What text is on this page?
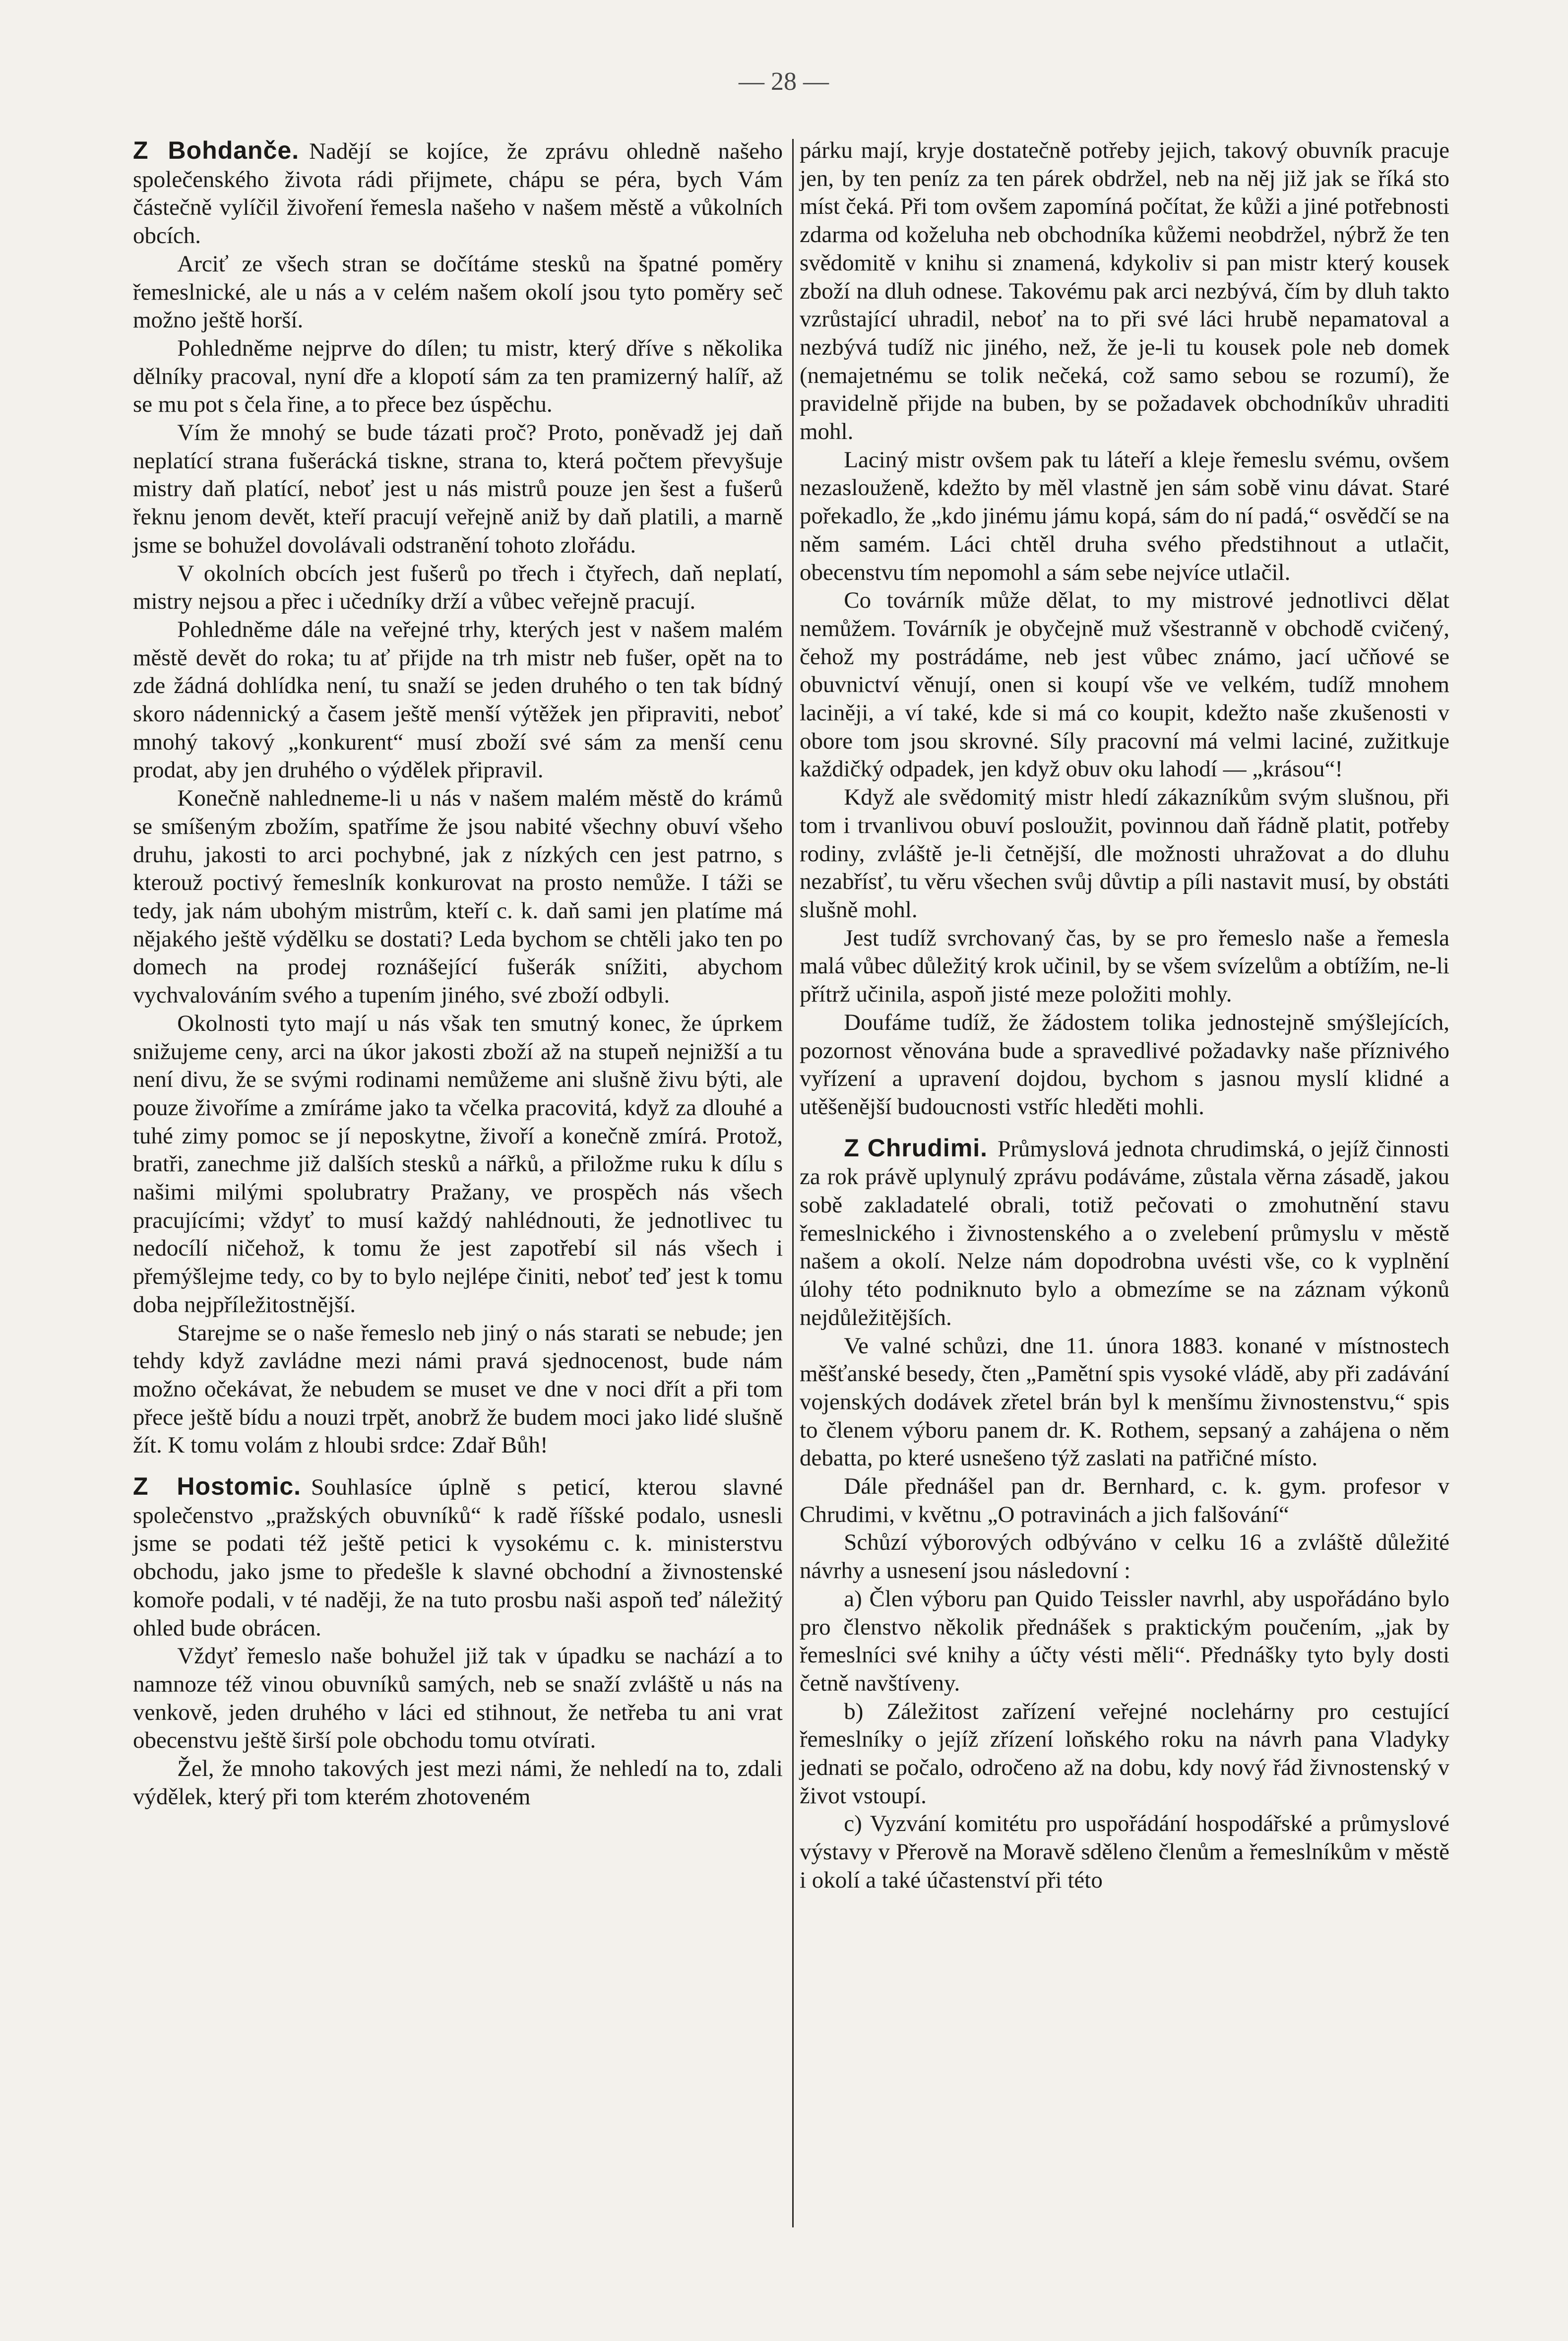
— 28 —

Z Bohdanče. Nadějí se kojíce, že zprávu ohledně našeho společenského života rádi přijmete, chápu se péra, bych Vám částečně vylíčil živoření řemesla našeho v našem městě a vůkolních obcích.

Arciť ze všech stran se dočítáme stesků na špatné poměry řemeslnické, ale u nás a v celém našem okolí jsou tyto poměry seč možno ještě horší.

Pohledněme nejprve do dílen; tu mistr, který dříve s několika dělníky pracoval, nyní dře a klopotí sám za ten pramizerný halíř, až se mu pot s čela řine, a to přece bez úspěchu.

Vím že mnohý se bude tázati proč? Proto, poněvadž jej daň neplatící strana fušerácká tiskne, strana to, která počtem převyšuje mistry daň platící, neboť jest u nás mistrů pouze jen šest a fušerů řeknu jenom devět, kteří pracují veřejně aniž by daň platili, a marně jsme se bohužel dovolávali odstranění tohoto zlořádu.

V okolních obcích jest fušerů po třech i čtyřech, daň neplatí, mistry nejsou a přec i učedníky drží a vůbec veřejně pracují.

Pohledněme dále na veřejné trhy, kterých jest v našem malém městě devět do roka; tu ať přijde na trh mistr neb fušer, opět na to zde žádná dohlídka není, tu snaží se jeden druhého o ten tak bídný skoro nádennický a časem ještě menší výtěžek jen připraviti, neboť mnohý takový „konkurent“ musí zboží své sám za menší cenu prodat, aby jen druhého o výdělek připravil.

Konečně nahledneme-li u nás v našem malém městě do krámů se smíšeným zbožím, spatříme že jsou nabité všechny obuví všeho druhu, jakosti to arci pochybné, jak z nízkých cen jest patrno, s kterouž poctivý řemeslník konkurovat na prosto nemůže. I táži se tedy, jak nám ubohým mistrům, kteří c. k. daň sami jen platíme má nějakého ještě výdělku se dostati? Leda bychom se chtěli jako ten po domech na prodej roznášející fušerák snížiti, abychom vychvalováním svého a tupením jiného, své zboží odbyli.

Okolnosti tyto mají u nás však ten smutný konec, že úprkem snižujeme ceny, arci na úkor jakosti zboží až na stupeň nejnižší a tu není divu, že se svými rodinami nemůžeme ani slušně živu býti, ale pouze živoříme a zmíráme jako ta včelka pracovitá, když za dlouhé a tuhé zimy pomoc se jí neposkytne, živoří a konečně zmírá. Protož, bratři, zanechme již dalších stesků a nářků, a přiložme ruku k dílu s našimi milými spolubratry Pražany, ve prospěch nás všech pracujícími; vždyť to musí každý nahlédnouti, že jednotlivec tu nedocílí ničehož, k tomu že jest zapotřebí sil nás všech i přemýšlejme tedy, co by to bylo nejlépe činiti, neboť teď jest k tomu doba nejpříležitostnější.

Starejme se o naše řemeslo neb jiný o nás starati se nebude; jen tehdy když zavládne mezi námi pravá sjednocenost, bude nám možno očekávat, že nebudem se muset ve dne v noci dřít a při tom přece ještě bídu a nouzi trpět, anobrž že budem moci jako lidé slušně žít. K tomu volám z hloubi srdce: Zdař Bůh!

Z Hostomic. Souhlasíce úplně s peticí, kterou slavné společenstvo „pražských obuvníků“ k radě říšské podalo, usnesli jsme se podati též ještě petici k vysokému c. k. ministerstvu obchodu, jako jsme to předešle k slavné obchodní a živnostenské komoře podali, v té naději, že na tuto prosbu naši aspoň teď náležitý ohled bude obrácen.

Vždyť řemeslo naše bohužel již tak v úpadku se nachází a to namnoze též vinou obuvníků samých, neb se snaží zvláště u nás na venkově, jeden druhého v láci ed stihnout, že netřeba tu ani vrat obecenstvu ještě širší pole obchodu tomu otvírati.

Žel, že mnoho takových jest mezi námi, že nehledí na to, zdali výdělek, který při tom kterém zhotoveném

párku mají, kryje dostatečně potřeby jejich, takový obuvník pracuje jen, by ten peníz za ten párek obdržel, neb na něj již jak se říká sto míst čeká. Při tom ovšem zapomíná počítat, že kůži a jiné potřebnosti zdarma od koželuha neb obchodníka kůžemi neobdržel, nýbrž že ten svědomitě v knihu si znamená, kdykoliv si pan mistr který kousek zboží na dluh odnese. Takovému pak arci nezbývá, čím by dluh takto vzrůstající uhradil, neboť na to při své láci hrubě nepamatoval a nezbývá tudíž nic jiného, než, že je-li tu kousek pole neb domek (nemajetnému se tolik nečeká, což samo sebou se rozumí), že pravidelně přijde na buben, by se požadavek obchodníkův uhraditi mohl.

Laciný mistr ovšem pak tu láteří a kleje řemeslu svému, ovšem nezaslouženě, kdežto by měl vlastně jen sám sobě vinu dávat. Staré pořekadlo, že „kdo jinému jámu kopá, sám do ní padá,“ osvědčí se na něm samém. Láci chtěl druha svého předstihnout a utlačit, obecenstvu tím nepomohl a sám sebe nejvíce utlačil.

Co továrník může dělat, to my mistrové jednotlivci dělat nemůžem. Továrník je obyčejně muž všestranně v obchodě cvičený, čehož my postrádáme, neb jest vůbec známo, jací učňové se obuvnictví věnují, onen si koupí vše ve velkém, tudíž mnohem laciněji, a ví také, kde si má co koupit, kdežto naše zkušenosti v obore tom jsou skrovné. Síly pracovní má velmi laciné, zužitkuje každičký odpadek, jen když obuv oku lahodí — „krásou“!

Když ale svědomitý mistr hledí zákazníkům svým slušnou, při tom i trvanlivou obuví posloužit, povinnou daň řádně platit, potřeby rodiny, zvláště je-li četnější, dle možnosti uhražovat a do dluhu nezabřísť, tu věru všechen svůj důvtip a píli nastavit musí, by obstáti slušně mohl.

Jest tudíž svrchovaný čas, by se pro řemeslo naše a řemesla malá vůbec důležitý krok učinil, by se všem svízelům a obtížím, ne-li přítrž učinila, aspoň jisté meze položiti mohly.

Doufáme tudíž, že žádostem tolika jednostejně smýšlejících, pozornost věnována bude a spravedlivé požadavky naše příznivého vyřízení a upravení dojdou, bychom s jasnou myslí klidné a utěšenější budoucnosti vstříc hleděti mohli.

Z Chrudimi. Průmyslová jednota chrudimská, o jejíž činnosti za rok právě uplynulý zprávu podáváme, zůstala věrna zásadě, jakou sobě zakladatelé obrali, totiž pečovati o zmohutnění stavu řemeslnického i živnostenského a o zvelebení průmyslu v městě našem a okolí. Nelze nám dopodrobna uvésti vše, co k vyplnění úlohy této podniknuto bylo a obmezíme se na záznam výkonů nejdůležitějších.

Ve valné schůzi, dne 11. února 1883. konané v místnostech měšťanské besedy, čten „Pamětní spis vysoké vládě, aby při zadávání vojenských dodávek zřetel brán byl k menšímu živnostenstvu,“ spis to členem výboru panem dr. K. Rothem, sepsaný a zahájena o něm debatta, po které usnešeno týž zaslati na patřičné místo.

Dále přednášel pan dr. Bernhard, c. k. gym. profesor v Chrudimi, v květnu „O potravinách a jich falšování“

Schůzí výborových odbýváno v celku 16 a zvláště důležité návrhy a usnesení jsou následovní :

a) Člen výboru pan Quido Teissler navrhl, aby uspořádáno bylo pro členstvo několik přednášek s praktickým poučením, „jak by řemeslníci své knihy a účty vésti měli“. Přednášky tyto byly dosti četně navštíveny.

b) Záležitost zařízení veřejné noclehárny pro cestující řemeslníky o jejíž zřízení loňského roku na návrh pana Vladyky jednati se počalo, odročeno až na dobu, kdy nový řád živnostenský v život vstoupí.

c) Vyzvání komitétu pro uspořádání hospodářské a průmyslové výstavy v Přerově na Moravě sděleno členům a řemeslníkům v městě i okolí a také účastenství při této
